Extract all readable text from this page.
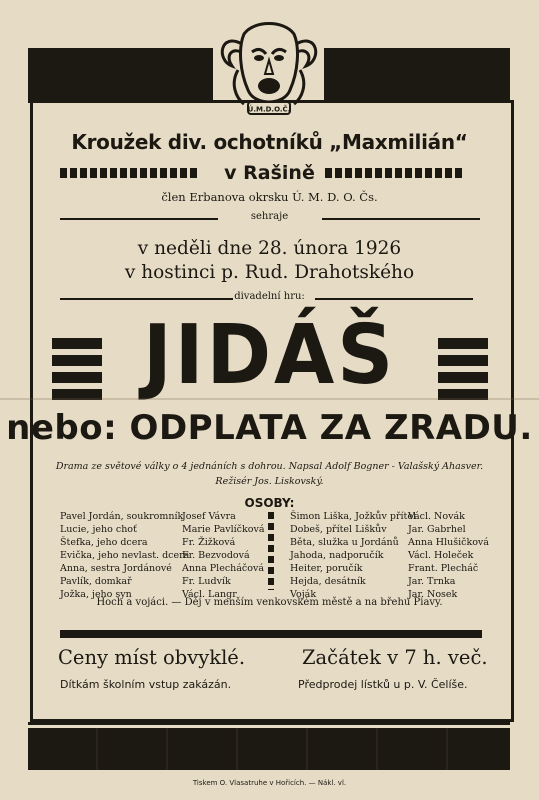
Ú.M.D.O.Č.
Kroužek div. ochotníků „Maxmilián“
v Rašině
člen Erbanova okrsku Ú. M. D. O. Čs.
sehraje
v neděli dne 28. února 1926
v hostinci p. Rud. Drahotského
divadelní hru:
JIDÁŠ
nebo: ODPLATA ZA ZRADU.
Drama ze světové války o 4 jednáních s dohrou. Napsal Adolf Bogner - Valašský Ahasver.
Režisér Jos. Liskovský.
OSOBY:
Pavel Jordán, soukromník
Lucie, jeho choť
Štefka, jeho dcera
Evička, jeho nevlast. dcera
Anna, sestra Jordánové
Pavlík, domkař
Jožka, jeho syn
Josef Vávra
Marie Pavlíčková
Fr. Žižková
Fr. Bezvodová
Anna Plecháčová
Fr. Ludvík
Václ. Langr
Šimon Liška, Jožkův přítel
Dobeš, přítel Liškův
Běta, služka u Jordánů
Jahoda, nadporučík
Heiter, poručík
Hejda, desátník
Voják
Václ. Novák
Jar. Gabrhel
Anna Hlušičková
Václ. Holeček
Frant. Plecháč
Jar. Trnka
Jar. Nosek
Hoch a vojáci. — Děj v menším venkovském městě a na břehu Piavy.
Ceny míst obvyklé.	Začátek v 7 h. več.
Dítkám školním vstup zakázán.	Předprodej lístků u p. V. Čelíše.
Tiskem O. Vlasatruhe v Hořicích. — Nákl. vl.
